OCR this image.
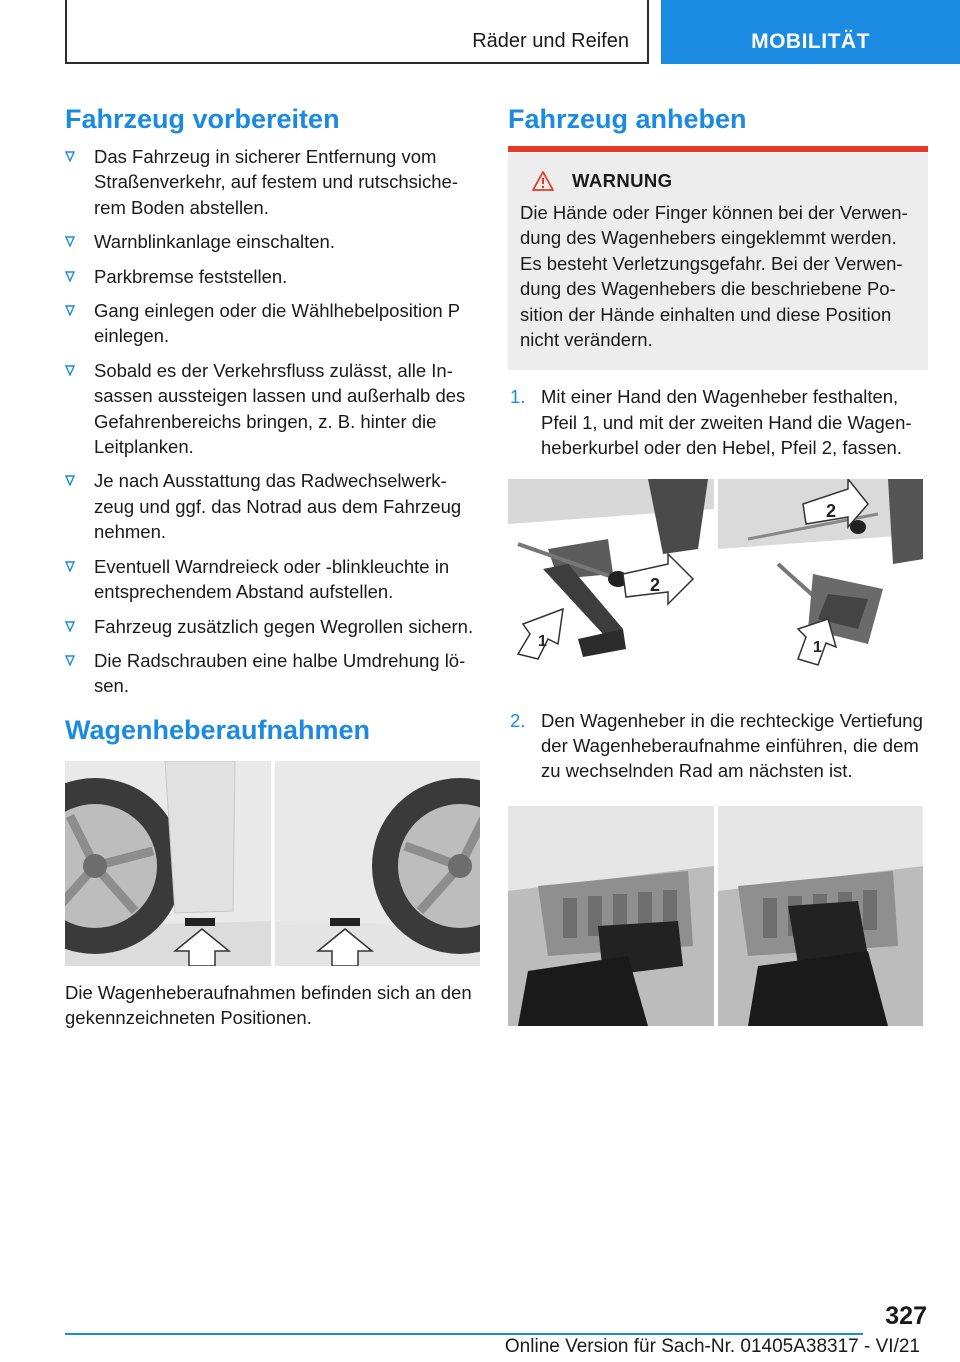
Räder und Reifen	MOBILITÄT
Fahrzeug vorbereiten
Das Fahrzeug in sicherer Entfernung vom Straßenverkehr, auf festem und rutschsicherem Boden abstellen.
Warnblinkanlage einschalten.
Parkbremse feststellen.
Gang einlegen oder die Wählhebelposition P einlegen.
Sobald es der Verkehrsfluss zulässt, alle Insassen aussteigen lassen und außerhalb des Gefahrenbereichs bringen, z. B. hinter die Leitplanken.
Je nach Ausstattung das Radwechselwerkzeug und ggf. das Notrad aus dem Fahrzeug nehmen.
Eventuell Warndreieck oder -blinkleuchte in entsprechendem Abstand aufstellen.
Fahrzeug zusätzlich gegen Wegrollen sichern.
Die Radschrauben eine halbe Umdrehung lösen.
Wagenheberaufnahmen

Die Wagenheberaufnahmen befinden sich an den gekennzeichneten Positionen.

Fahrzeug anheben
WARNUNG

Die Hände oder Finger können bei der Verwendung des Wagenhebers eingeklemmt werden. Es besteht Verletzungsgefahr. Bei der Verwendung des Wagenhebers die beschriebene Position der Hände einhalten und diese Position nicht verändern.

1. Mit einer Hand den Wagenheber festhalten, Pfeil 1, und mit der zweiten Hand die Wagenheberkurbel oder den Hebel, Pfeil 2, fassen.
1
2
2
1
2. Den Wagenheber in die rechteckige Vertiefung der Wagenheberaufnahme einführen, die dem zu wechselnden Rad am nächsten ist.
327
Online Version für Sach-Nr. 01405A38317 - VI/21
